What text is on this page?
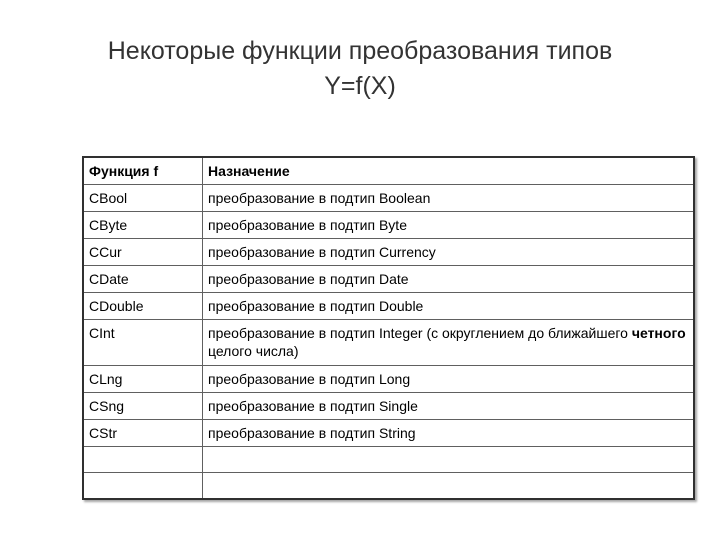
Некоторые функции преобразования типов
Y=f(X)
Функция f	Назначение
CBool	преобразование в подтип Boolean
CByte	преобразование в подтип Byte
CCur	преобразование в подтип Currency
CDate	преобразование в подтип Date
CDouble	преобразование в подтип Double
CInt	преобразование в подтип Integer (с округлением до ближайшего четного целого числа)
CLng	преобразование в подтип Long
CSng	преобразование в подтип Single
CStr	преобразование в подтип String
